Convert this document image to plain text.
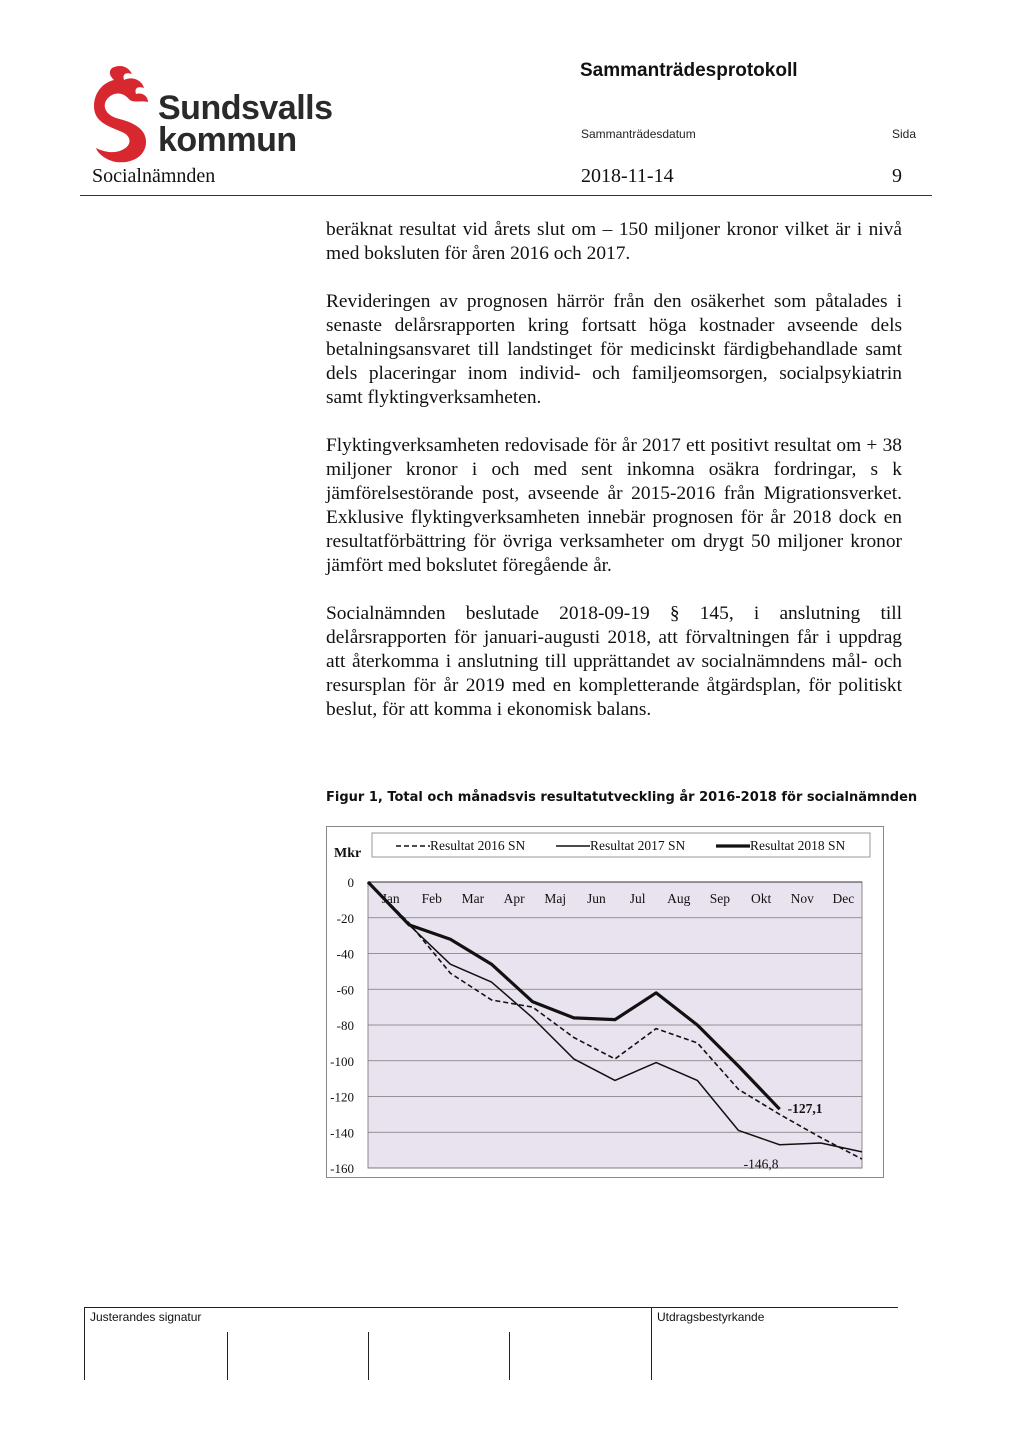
Sundsvalls
kommun
Sammanträdesprotokoll
Sammanträdesdatum	Sida
Socialnämnden	2018-11-14	9

beräknat resultat vid årets slut om – 150 miljoner kronor vilket är i nivå med boksluten för åren 2016 och 2017.

Revideringen av prognosen härrör från den osäkerhet som påtalades i senaste delårsrapporten kring fortsatt höga kostnader avseende dels betalningsansvaret till landstinget för medicinskt färdigbehandlade samt dels placeringar inom individ- och familjeomsorgen, socialpsykiatrin samt flyktingverksamheten.

Flyktingverksamheten redovisade för år 2017 ett positivt resultat om + 38 miljoner kronor i och med sent inkomna osäkra fordringar, s k jämförelsestörande post, avseende år 2015-2016 från Migrationsverket. Exklusive flyktingverksamheten innebär prognosen för år 2018 dock en resultatförbättring för övriga verksamheter om drygt 50 miljoner kronor jämfört med bokslutet föregående år.

Socialnämnden beslutade 2018-09-19 § 145, i anslutning till delårsrapporten för januari-augusti 2018, att förvaltningen får i uppdrag att återkomma i anslutning till upprättandet av socialnämndens mål- och resursplan för år 2019 med en kompletterande åtgärdsplan, för politiskt beslut, för att komma i ekonomisk balans.

Figur 1, Total och månadsvis resultatutveckling år 2016-2018 för socialnämnden
0
-20
-40
-60
-80
-100
-120
-140
-160
Jan Feb Mar Apr Maj Jun Jul Aug Sep Okt Nov Dec
Mkr
Resultat 2016 SN	Resultat 2017 SN	Resultat 2018 SN
-127,1
-146,8
Justerandes signatur	Utdragsbestyrkande
